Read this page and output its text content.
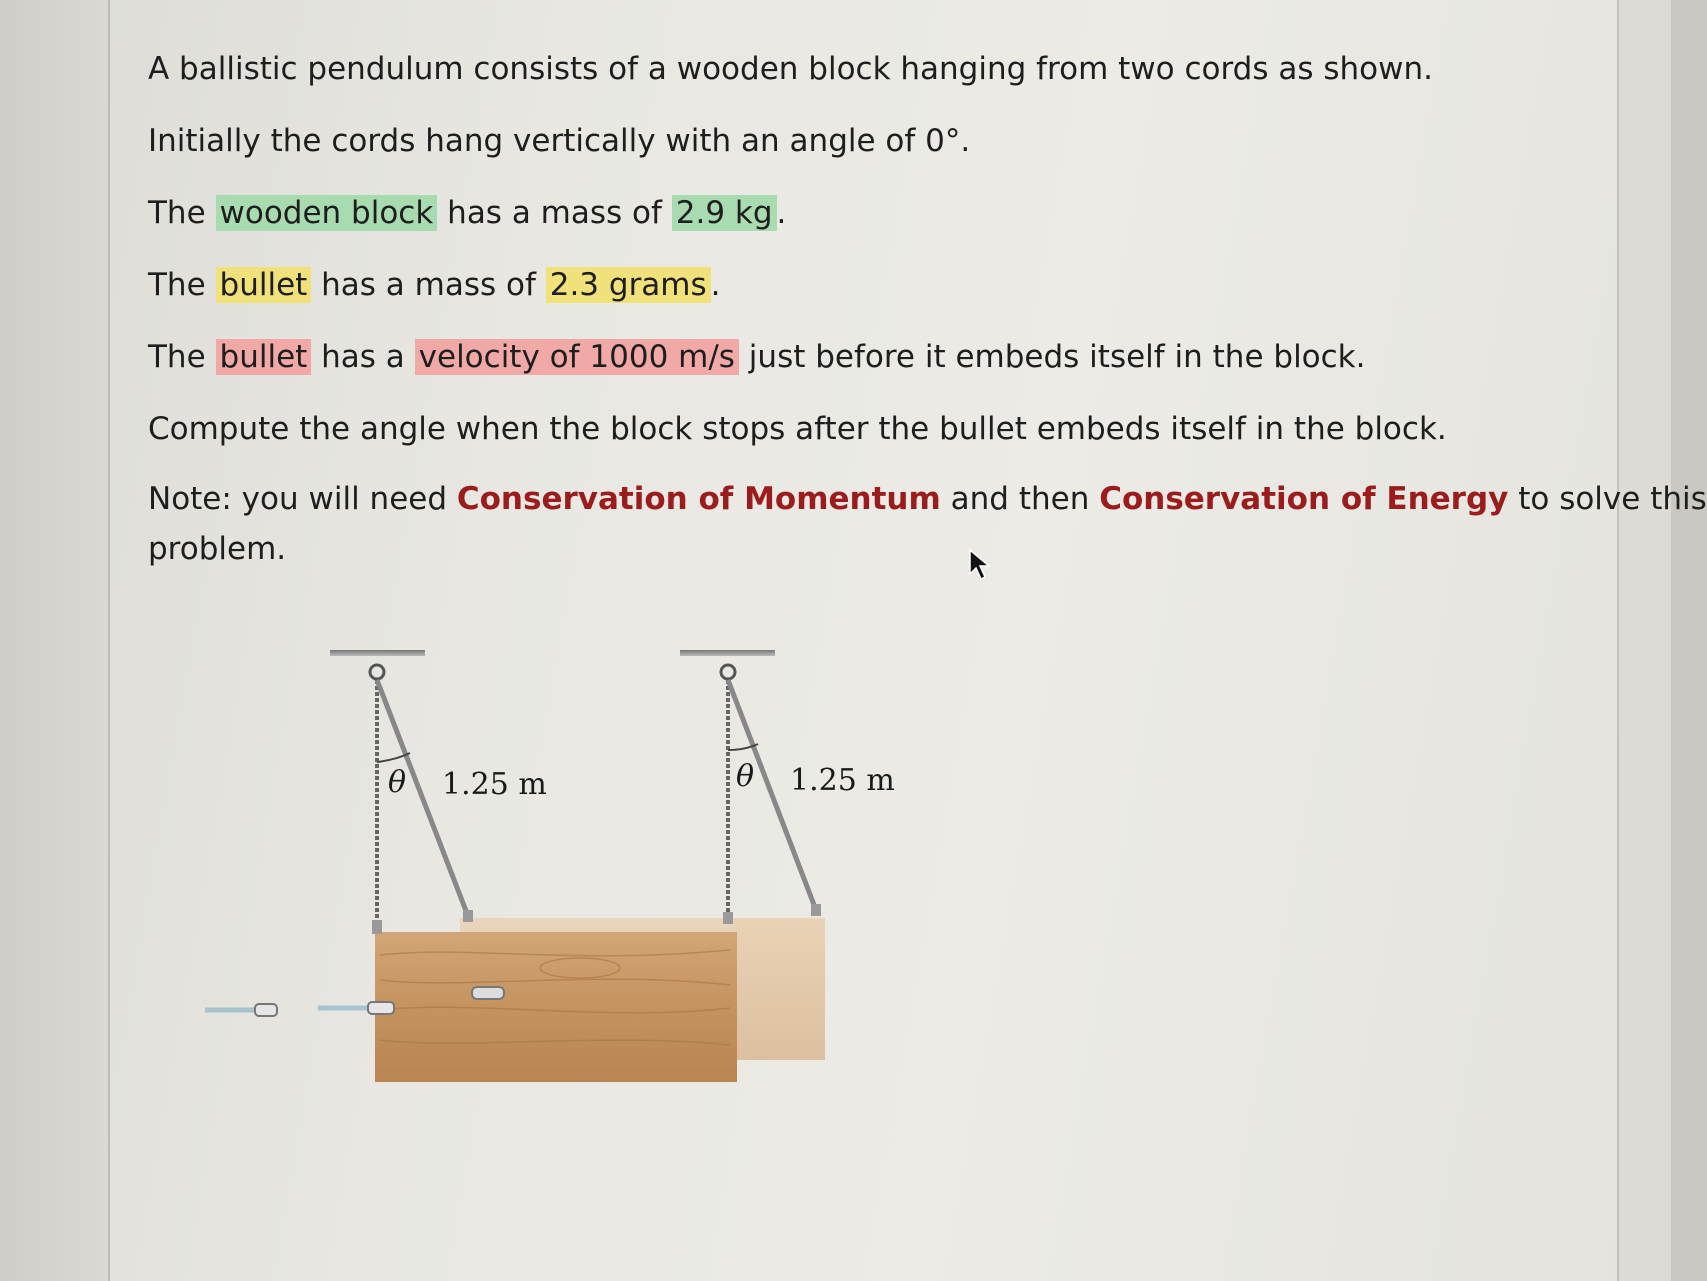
A ballistic pendulum consists of a wooden block hanging from two cords as shown.
Initially the cords hang vertically with an angle of 0°.
The wooden block has a mass of 2.9 kg .
The bullet has a mass of 2.3 grams .
The bullet has a velocity of 1000 m/s just before it embeds itself in the block.
Compute the angle when the block stops after the bullet embeds itself in the block.
Note: you will need Conservation of Momentum and then Conservation of Energy to solve this
problem.
θ 1.25 m	θ 1.25 m
